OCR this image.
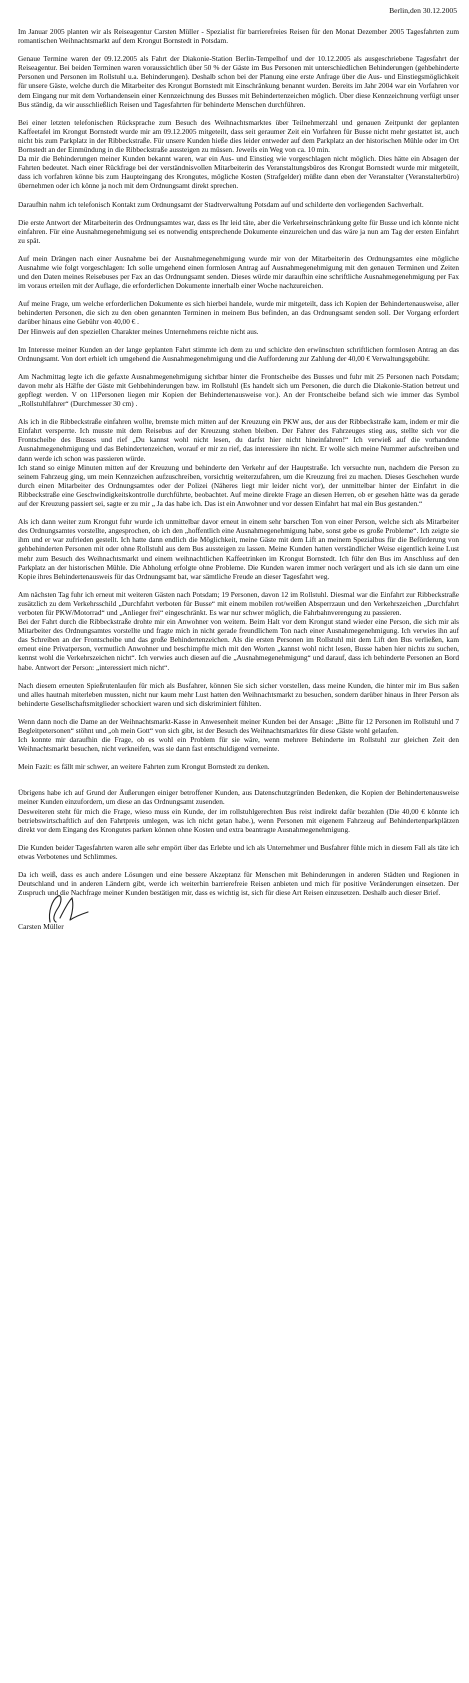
Berlin,den 30.12.2005

Im Januar 2005 planten wir als Reiseagentur Carsten Müller - Spezialist für barrierefreies Reisen für den Monat Dezember 2005 Tagesfahrten zum romantischen Weihnachtsmarkt auf dem Krongut Bornstedt in Potsdam.

Genaue Termine waren der 09.12.2005 als Fahrt der Diakonie-Station Berlin-Tempelhof und der 10.12.2005 als ausgeschriebene Tagesfahrt der Reiseagentur. Bei beiden Terminen waren voraussichtlich über 50 % der Gäste im Bus Personen mit unterschiedlichen Behinderungen (gehbehinderte Personen und Personen im Rollstuhl u.a. Behinderungen). Deshalb schon bei der Planung eine erste Anfrage über die Aus- und Einstiegsmöglichkeit für unsere Gäste, welche durch die Mitarbeiter des Krongut Bornstedt mit Einschränkung benannt wurden. Bereits im Jahr 2004 war ein Vorfahren vor dem Eingang nur mit dem Vorhandensein einer Kennzeichnung des Busses mit Behindertenzeichen möglich. Über diese Kennzeichnung verfügt unser Bus ständig, da wir ausschließlich Reisen und Tagesfahrten für behinderte Menschen durchführen.

Bei einer letzten telefonischen Rücksprache zum Besuch des Weihnachtsmarktes über Teilnehmerzahl und genauen Zeitpunkt der geplanten Kaffeetafel im Krongut Bornstedt wurde mir am 09.12.2005 mitgeteilt, dass seit geraumer Zeit ein Vorfahren für Busse nicht mehr gestattet ist, auch nicht bis zum Parkplatz in der Ribbeckstraße. Für unsere Kunden hieße dies leider entweder auf dem Parkplatz an der historischen Mühle oder im Ort Bornstedt an der Einmündung in die Ribbeckstraße aussteigen zu müssen. Jeweils ein Weg von ca. 10 min.

Da mir die Behinderungen meiner Kunden bekannt waren, war ein Aus- und Einstieg wie vorgeschlagen nicht möglich. Dies hätte ein Absagen der Fahrten bedeutet. Nach einer Rückfrage bei der verständnisvollen Mitarbeiterin des Veranstaltungsbüros des Krongut Bornstedt wurde mir mitgeteilt, dass ich vorfahren könne bis zum Haupteingang des Krongutes, mögliche Kosten (Strafgelder) müßte dann eben der Veranstalter (Veranstalterbüro) übernehmen oder ich könne ja noch mit dem Ordnungsamt direkt sprechen.

Daraufhin nahm ich telefonisch Kontakt zum Ordnungsamt der Stadtverwaltung Potsdam auf und schilderte den vorliegenden Sachverhalt.

Die erste Antwort der Mitarbeiterin des Ordnungsamtes war, dass es Ihr leid täte, aber die Verkehrseinschränkung gelte für Busse und ich könnte nicht einfahren. Für eine Ausnahmegenehmigung sei es notwendig entsprechende Dokumente einzureichen und das wäre ja nun am Tag der ersten Einfahrt zu spät.

Auf mein Drängen nach einer Ausnahme bei der Ausnahmegenehmigung wurde mir von der Mitarbeiterin des Ordnungsamtes eine mögliche Ausnahme wie folgt vorgeschlagen: Ich solle umgehend einen formlosen Antrag auf Ausnahmegenehmigung mit den genauen Terminen und Zeiten und den Daten meines Reisebuses per Fax an das Ordnungsamt senden. Dieses würde mir daraufhin eine schriftliche Ausnahmegenehmigung per Fax im voraus erteilen mit der Auflage, die erforderlichen Dokumente innerhalb einer Woche nachzureichen.

Auf meine Frage, um welche erforderlichen Dokumente es sich hierbei handele, wurde mir mitgeteilt, dass ich Kopien der Behindertenausweise, aller behinderten Personen, die sich zu den oben genannten Terminen in meinem Bus befinden, an das Ordnungsamt senden soll. Der Vorgang erfordert darüber hinaus eine Gebühr von 40,00 € .

Der Hinweis auf den speziellen Charakter meines Unternehmens reichte nicht aus.

Im Interesse meiner Kunden an der lange geplanten Fahrt stimmte ich dem zu und schickte den erwünschten schriftlichen formlosen Antrag an das Ordnungsamt. Von dort erhielt ich umgehend die Ausnahmegenehmigung und die Aufforderung zur Zahlung der 40,00 € Verwaltungsgebühr.

Am Nachmittag legte ich die gefaxte Ausnahmegenehmigung sichtbar hinter die Frontscheibe des Busses und fuhr mit 25 Personen nach Potsdam; davon mehr als Hälfte der Gäste mit Gehbehinderungen bzw. im Rollstuhl (Es handelt sich um Personen, die durch die Diakonie-Station betreut und gepflegt werden. V on 11Personen liegen mir Kopien der Behindertenausweise vor.). An der Frontscheibe befand sich wie immer das Symbol „Rollstuhlfahrer“ (Durchmesser 30 cm) .

Als ich in die Ribbeckstraße einfahren wollte, bremste mich mitten auf der Kreuzung ein PKW aus, der aus der Ribbeckstraße kam, indem er mir die Einfahrt versperrte. Ich musste mit dem Reisebus auf der Kreuzung stehen bleiben. Der Fahrer des Fahrzeuges stieg aus, stellte sich vor die Frontscheibe des Busses und rief „Du kannst wohl nicht lesen, du darfst hier nicht hineinfahren!“ Ich verwieß auf die vorhandene Ausnahmegenehmigung und das Behindertenzeichen, worauf er mir zu rief, das interessiere ihn nicht. Er wolle sich meine Nummer aufschreiben und dann werde ich schon was passieren würde.

Ich stand so einige Minuten mitten auf der Kreuzung und behinderte den Verkehr auf der Hauptstraße. Ich versuchte nun, nachdem die Person zu seinem Fahrzeug ging, um mein Kennzeichen aufzuschreiben, vorsichtig weiterzufahren, um die Kreuzung frei zu machen. Dieses Geschehen wurde durch einen Mitarbeiter des Ordnungsamtes oder der Polizei (Näheres liegt mir leider nicht vor), der unmittelbar hinter der Einfahrt in die Ribbeckstraße eine Geschwindigkeitskontrolle durchführte, beobachtet. Auf meine direkte Frage an diesen Herren, ob er gesehen hätte was da gerade auf der Kreuzung passiert sei, sagte er zu mir „ Ja das habe ich. Das ist ein Anwohner und vor dessen Einfahrt hat mal ein Bus gestanden.“

Als ich dann weiter zum Krongut fuhr wurde ich unmittelbar davor erneut in einem sehr barschen Ton von einer Person, welche sich als Mitarbeiter des Ordnungsamtes vorstellte, angesprochen, ob ich den „hoffentlich eine Ausnahmegenehmigung habe, sonst gebe es große Probleme“. Ich zeigte sie ihm und er war zufrieden gestellt. Ich hatte dann endlich die Möglichkeit, meine Gäste mit dem Lift an meinem Spezialbus für die Beförderung von gehbehinderten Personen mit oder ohne Rollstuhl aus dem Bus aussteigen zu lassen. Meine Kunden hatten verständlicher Weise eigentlich keine Lust mehr zum Besuch des Weihnachtsmarkt und einem weihnachtlichen Kaffeetrinken im Krongut Bornstedt. Ich führ den Bus im Anschluss auf den Parkplatz an der historischen Mühle. Die Abholung erfolgte ohne Probleme. Die Kunden waren immer noch verärgert und als ich sie dann um eine Kopie ihres Behindertenausweis für das Ordnungsamt bat, war sämtliche Freude an dieser Tagesfahrt weg.

Am nächsten Tag fuhr ich erneut mit weiteren Gästen nach Potsdam; 19 Personen, davon 12 im Rollstuhl. Diesmal war die Einfahrt zur Ribbeckstraße zusätzlich zu dem Verkehrsschild „Durchfahrt verboten für Busse“ mit einem mobilen rot/weißen Absperrzaun und den Verkehrszeichen „Durchfahrt verboten für PKW/Motorrad“ und „Anlieger frei“ eingeschränkt. Es war nur schwer möglich, die Fahrbahnverengung zu passieren.

Bei der Fahrt durch die Ribbeckstraße drohte mir ein Anwohner von weitem. Beim Halt vor dem Krongut stand wieder eine Person, die sich mir als Mitarbeiter des Ordnungsamtes vorstellte und fragte mich in nicht gerade freundlichem Ton nach einer Ausnahmegenehmigung. Ich verwies ihn auf das Schreiben an der Frontscheibe und das große Behindertenzeichen. Als die ersten Personen im Rollstuhl mit dem Lift den Bus verließen, kam erneut eine Privatperson, vermutlich Anwohner und beschimpfte mich mit den Worten „kannst wohl nicht lesen, Busse haben hier nichts zu suchen, kennst wohl die Verkehrszeichen nicht“. Ich verwies auch diesen auf die „Ausnahmegenehmigung“ und darauf, dass ich behinderte Personen an Bord habe. Antwort der Person: „interessiert mich nicht“.

Nach diesem erneuten Spießrutenlaufen für mich als Busfahrer, können Sie sich sicher vorstellen, dass meine Kunden, die hinter mir im Bus saßen und alles hautnah miterleben mussten, nicht nur kaum mehr Lust hatten den Weihnachtsmarkt zu besuchen, sondern darüber hinaus in Ihrer Person als behinderte Gesellschaftsmitglieder schockiert waren und sich diskriminiert fühlten.

Wenn dann noch die Dame an der Weihnachtsmarkt-Kasse in Anwesenheit meiner Kunden bei der Ansage: „Bitte für 12 Personen im Rollstuhl und 7 Begleitpetersonen“ stöhnt und „oh mein Gott“ von sich gibt, ist der Besuch des Weihnachtsmarktes für diese Gäste wohl gelaufen.

Ich konnte mir daraufhin die Frage, ob es wohl ein Problem für sie wäre, wenn mehrere Behinderte im Rollstuhl zur gleichen Zeit den Weihnachtsmarkt besuchen, nicht verkneifen, was sie dann fast entschuldigend verneinte.

Mein Fazit: es fällt mir schwer, an weitere Fahrten zum Krongut Bornstedt zu denken.

Übrigens habe ich auf Grund der Äußerungen einiger betroffener Kunden, aus Datenschutzgründen Bedenken, die Kopien der Behindertenausweise meiner Kunden einzufordern, um diese an das Ordnungsamt zusenden.

Desweiteren steht für mich die Frage, wieso muss ein Kunde, der im rollstuhlgerechten Bus reist indirekt dafür bezahlen (Die 40,00 € könnte ich betriebswirtschaftlich auf den Fahrtpreis umlegen, was ich nicht getan habe.), wenn Personen mit eigenem Fahrzeug auf Behindertenparkplätzen direkt vor dem Eingang des Krongutes parken können ohne Kosten und extra beantragte Ausnahmegenehmigung.

Die Kunden beider Tagesfahrten waren alle sehr empört über das Erlebte und ich als Unternehmer und Busfahrer fühle mich in diesem Fall als täte ich etwas Verbotenes und Schlimmes.

Da ich weiß, dass es auch andere Lösungen und eine bessere Akzeptanz für Menschen mit Behinderungen in anderen Städten und Regionen in Deutschland und in anderen Ländern gibt, werde ich weiterhin barrierefreie Reisen anbieten und mich für positive Veränderungen einsetzen. Der Zuspruch und die Nachfrage meiner Kunden bestätigen mir, dass es wichtig ist, sich für diese Art Reisen einzusetzen. Deshalb auch dieser Brief.

Carsten Müller
